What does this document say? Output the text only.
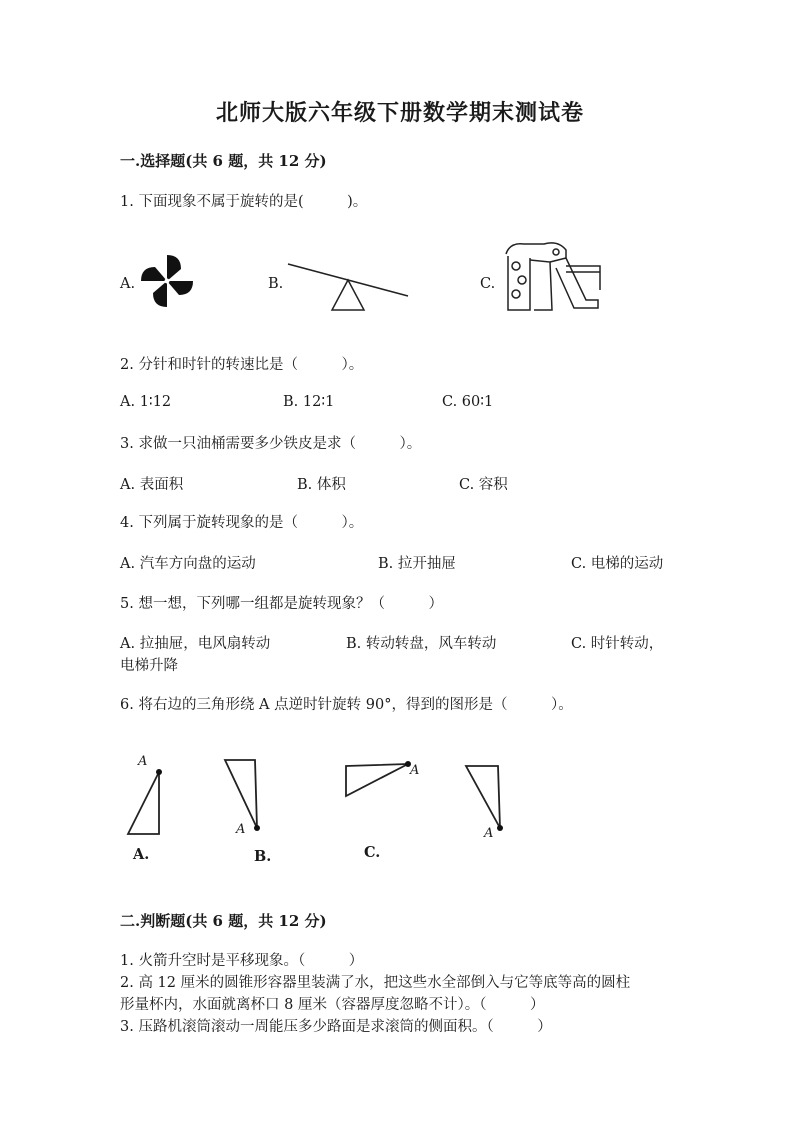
北师大版六年级下册数学期末测试卷
一.选择题(共 6 题，共 12 分)
1. 下面现象不属于旋转的是(　　　)。
A.	B.	C.
2. 分针和时针的转速比是（　　　）。
A. 1∶12	B. 12∶1	C. 60∶1
3. 求做一只油桶需要多少铁皮是求（　　　）。
A. 表面积	B. 体积	C. 容积
4. 下列属于旋转现象的是（　　　）。
A. 汽车方向盘的运动	B. 拉开抽屉	C. 电梯的运动
5. 想一想，下列哪一组都是旋转现象？（　　　）
A. 拉抽屉，电风扇转动	B. 转动转盘，风车转动	C. 时针转动，
电梯升降
6. 将右边的三角形绕 A 点逆时针旋转 90°，得到的图形是（　　　）。
A
A.
A
B.
A
C.
A
二.判断题(共 6 题，共 12 分)
1. 火箭升空时是平移现象。（　　　）
2. 高 12 厘米的圆锥形容器里装满了水，把这些水全部倒入与它等底等高的圆柱
形量杯内，水面就离杯口 8 厘米（容器厚度忽略不计）。（　　　）
3. 压路机滚筒滚动一周能压多少路面是求滚筒的侧面积。（　　　）
